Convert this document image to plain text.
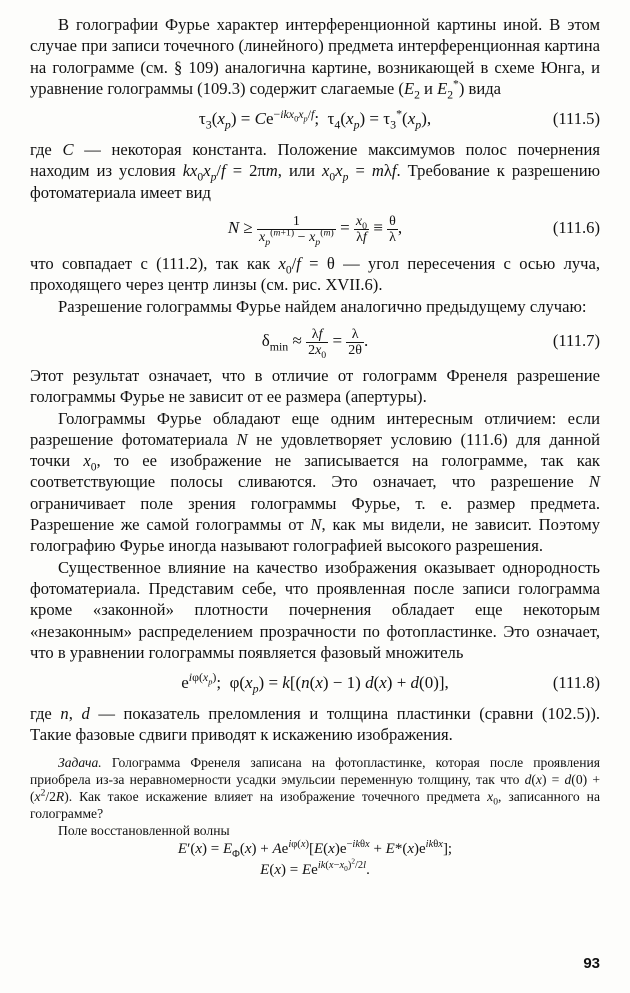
В голографии Фурье характер интерференционной картины иной. В этом случае при записи точечного (линейного) предмета интерференционная картина на голограмме (см. § 109) аналогична картине, возникающей в схеме Юнга, и уравнение голограммы (109.3) содержит слагаемые ($E_2$ и $E_2^*$) вида

$\tau_3(x_p) = Ce^{-ikx_0x_p/f}$;  $\tau_4(x_p) = \tau_3^*(x_p)$,	(111.5)

где C — некоторая константа. Положение максимумов полос почернения находим из условия $kx_0x_p/f = 2\pi m$, или $x_0x_p = m\lambda f$. Требование к разрешению фотоматериала имеет вид

$N \ge \frac{1}{x_p^{(m+1)} - x_p^{(m)}} = \frac{x_0}{\lambda f} \equiv \frac{\theta}{\lambda}$ ,	(111.6)

что совпадает с (111.2), так как $x_0/f = \theta$ — угол пересечения с осью луча, проходящего через центр линзы (см. рис. XVII.6).

Разрешение голограммы Фурье найдем аналогично предыдущему случаю:

$\delta_{min} \approx \frac{\lambda f}{2x_0} = \frac{\lambda}{2\theta}$ .	(111.7)

Этот результат означает, что в отличие от голограмм Френеля разрешение голограммы Фурье не зависит от ее размера (апертуры).

Голограммы Фурье обладают еще одним интересным отличием: если разрешение фотоматериала N не удовлетворяет условию (111.6) для данной точки $x_0$, то ее изображение не записывается на голограмме, так как соответствующие полосы сливаются. Это означает, что разрешение N ограничивает поле зрения голограммы Фурье, т. е. размер предмета. Разрешение же самой голограммы от N, как мы видели, не зависит. Поэтому голографию Фурье иногда называют голографией высокого разрешения.

Существенное влияние на качество изображения оказывает однородность фотоматериала. Представим себе, что проявленная после записи голограмма кроме «законной» плотности почернения обладает еще некоторым «незаконным» распределением прозрачности по фотопластинке. Это означает, что в уравнении голограммы появляется фазовый множитель

$e^{i\varphi(x_p)}$;  $\varphi(x_p) = k[(n(x) - 1) d(x) + d(0)]$,	(111.8)

где n, d — показатель преломления и толщина пластинки (сравни (102.5)). Такие фазовые сдвиги приводят к искажению изображения.

Задача. Голограмма Френеля записана на фотопластинке, которая после проявления приобрела из-за неравномерности усадки эмульсии переменную толщину, так что $d(x) = d(0) + (x^2/2R)$. Как такое искажение влияет на изображение точечного предмета $x_0$, записанного на голограмме?

Поле восстановленной волны

$E'(x) = E_\Phi(x) + Ae^{i\varphi(x)}[E(x)e^{-ik\theta x} + E*(x)e^{ik\theta x}]$;
$E(x) = Ee^{ik(x-x_0)^2/2l}$.
93
